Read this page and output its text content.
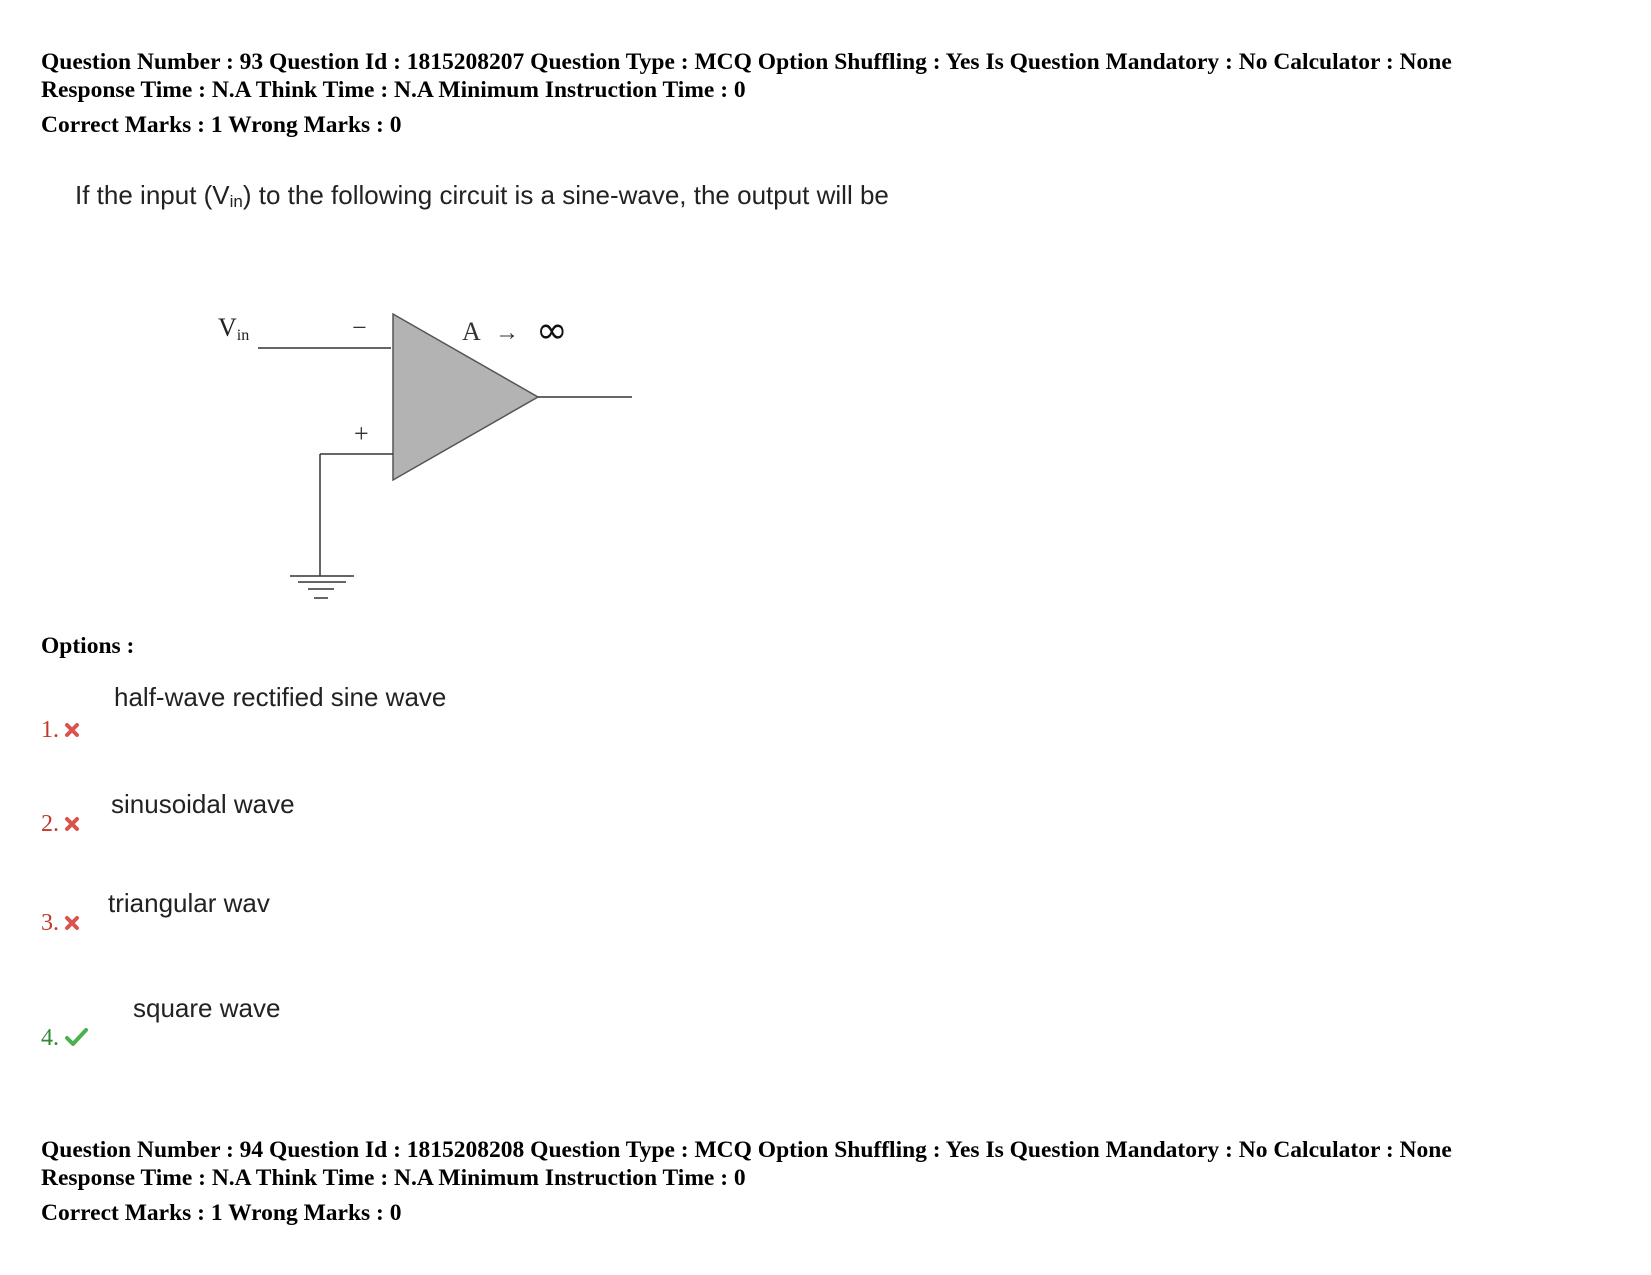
Question Number : 93 Question Id : 1815208207 Question Type : MCQ Option Shuffling : Yes Is Question Mandatory : No Calculator : None
Response Time : N.A Think Time : N.A Minimum Instruction Time : 0
Correct Marks : 1 Wrong Marks : 0
If the input $(V_{in})$ to the following circuit is a sine-wave, the output will be
Vin	−
+
A → ∞
Options :
half-wave rectified sine wave
1.
sinusoidal wave
2.
triangular wav
3.
square wave
4.
Question Number : 94 Question Id : 1815208208 Question Type : MCQ Option Shuffling : Yes Is Question Mandatory : No Calculator : None
Response Time : N.A Think Time : N.A Minimum Instruction Time : 0
Correct Marks : 1 Wrong Marks : 0
